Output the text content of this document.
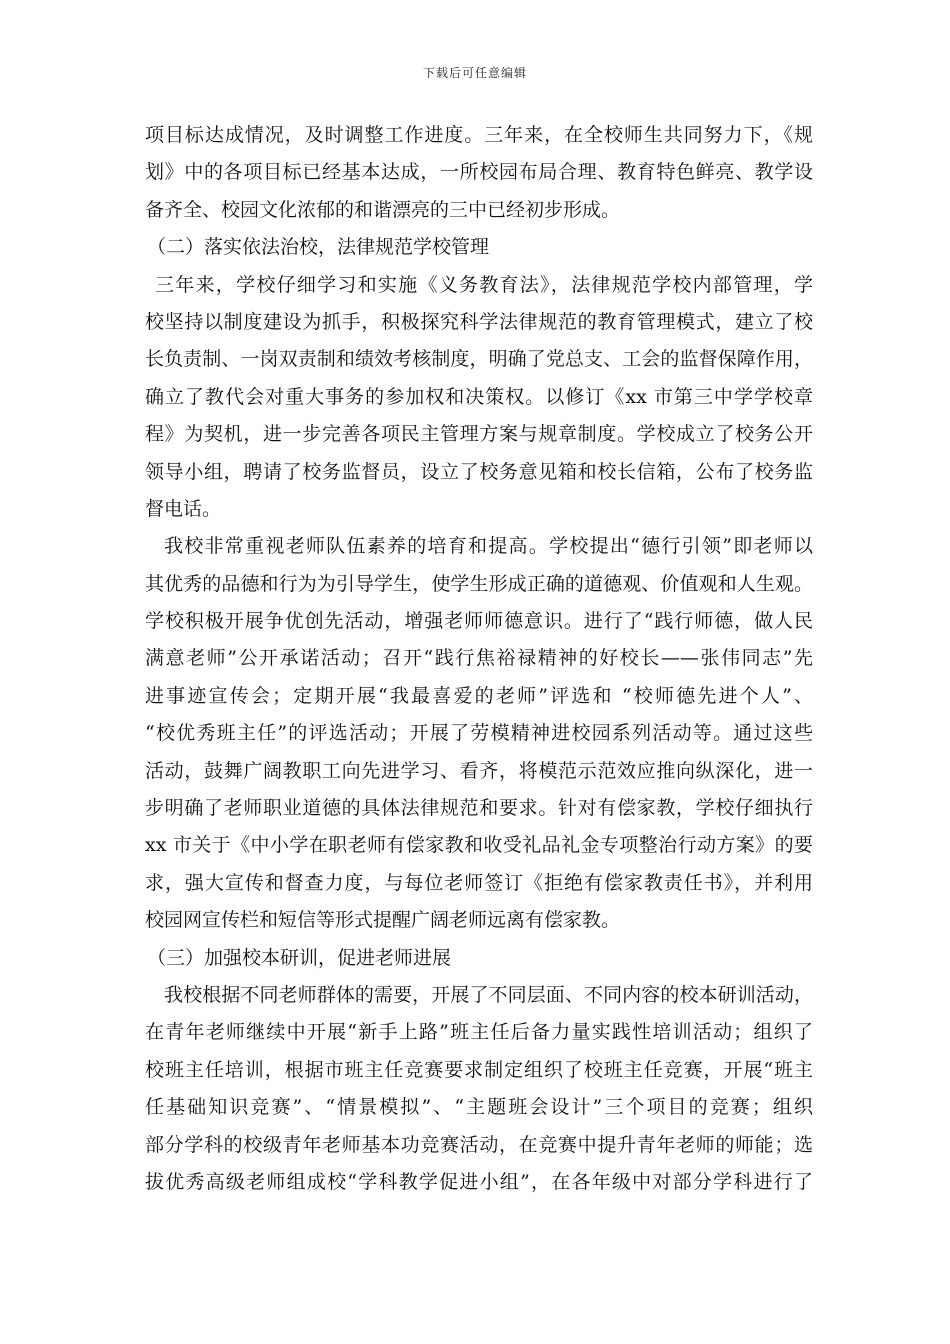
下载后可任意编辑
项目标达成情况，及时调整工作进度。三年来，在全校师生共同努力下，《规
划》中的各项目标已经基本达成，一所校园布局合理、教育特色鲜亮、教学设
备齐全、校园文化浓郁的和谐漂亮的三中已经初步形成。
（二）落实依法治校，法律规范学校管理
三年来，学校仔细学习和实施《义务教育法》，法律规范学校内部管理，学
校坚持以制度建设为抓手，积极探究科学法律规范的教育管理模式，建立了校
长负责制、一岗双责制和绩效考核制度，明确了党总支、工会的监督保障作用，
确立了教代会对重大事务的参加权和决策权。以修订《xx 市第三中学学校章
程》为契机，进一步完善各项民主管理方案与规章制度。学校成立了校务公开
领导小组，聘请了校务监督员，设立了校务意见箱和校长信箱，公布了校务监
督电话。
我校非常重视老师队伍素养的培育和提高。学校提出“德行引领”即老师以
其优秀的品德和行为为引导学生，使学生形成正确的道德观、价值观和人生观。
学校积极开展争优创先活动，增强老师师德意识。进行了“践行师德，做人民
满意老师”公开承诺活动；召开“践行焦裕禄精神的好校长——张伟同志”先
进事迹宣传会；定期开展“我最喜爱的老师”评选和 “校师德先进个人”、
“校优秀班主任”的评选活动；开展了劳模精神进校园系列活动等。通过这些
活动，鼓舞广阔教职工向先进学习、看齐，将模范示范效应推向纵深化，进一
步明确了老师职业道德的具体法律规范和要求。针对有偿家教，学校仔细执行
xx 市关于《中小学在职老师有偿家教和收受礼品礼金专项整治行动方案》的要
求，强大宣传和督查力度，与每位老师签订《拒绝有偿家教责任书》，并利用
校园网宣传栏和短信等形式提醒广阔老师远离有偿家教。
（三）加强校本研训，促进老师进展
我校根据不同老师群体的需要，开展了不同层面、不同内容的校本研训活动，
在青年老师继续中开展“新手上路”班主任后备力量实践性培训活动；组织了
校班主任培训，根据市班主任竞赛要求制定组织了校班主任竞赛，开展“班主
任基础知识竞赛”、“情景模拟”、“主题班会设计”三个项目的竞赛；组织
部分学科的校级青年老师基本功竞赛活动，在竞赛中提升青年老师的师能；选
拔优秀高级老师组成校“学科教学促进小组”，在各年级中对部分学科进行了
